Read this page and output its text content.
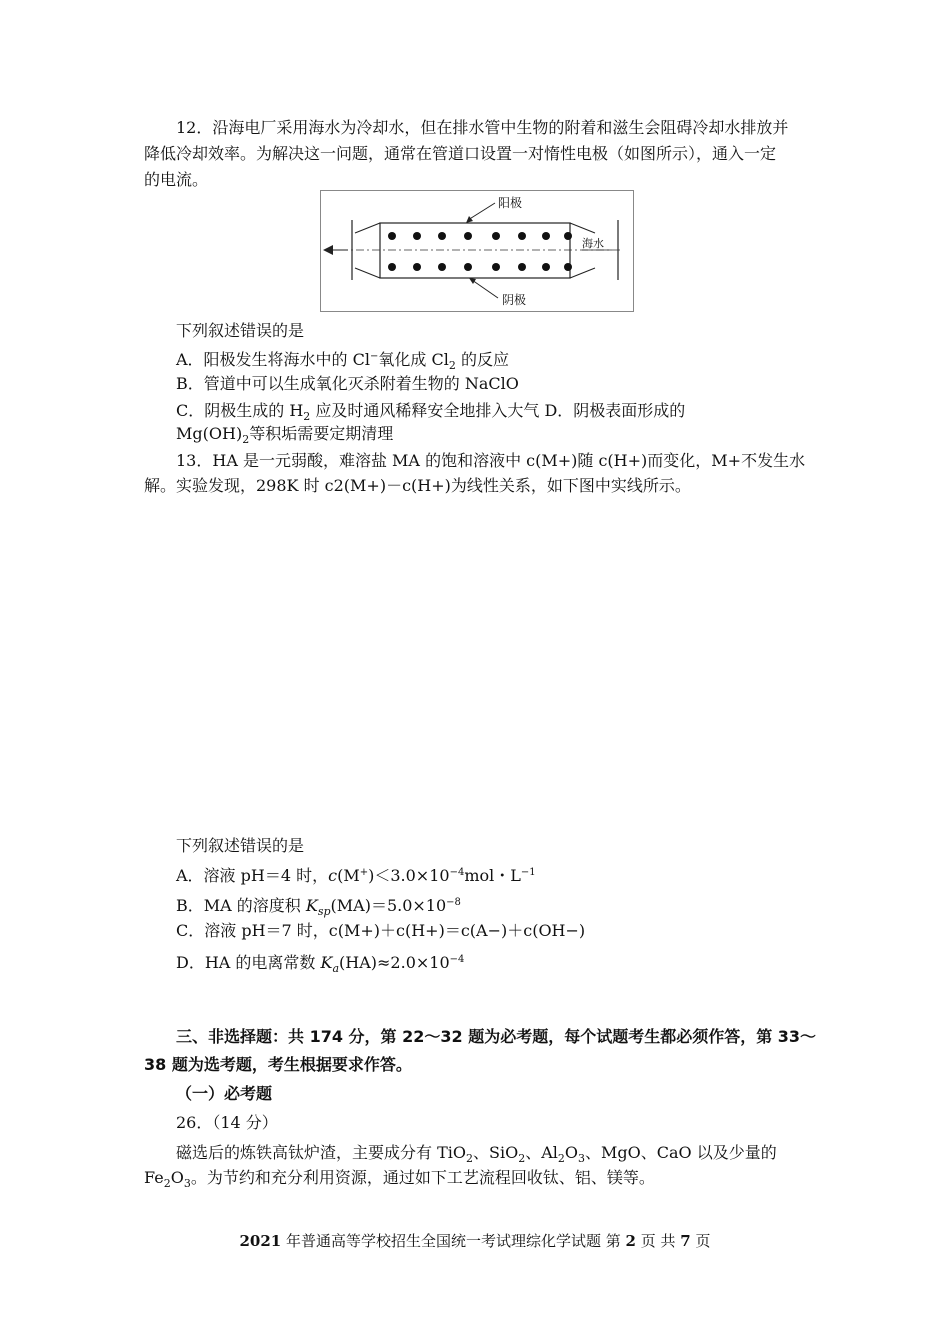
12．沿海电厂采用海水为冷却水，但在排水管中生物的附着和滋生会阻碍冷却水排放并
降低冷却效率。为解决这一问题，通常在管道口设置一对惰性电极（如图所示），通入一定
的电流。
阳极
阴极
海水
下列叙述错误的是
A．阳极发生将海水中的 Cl−氧化成 $Cl_2$ 的反应
B．管道中可以生成氧化灭杀附着生物的 NaClO
C．阴极生成的 $H_2$ 应及时通风稀释安全地排入大气 D．阴极表面形成的
$Mg(OH)_2$等积垢需要定期清理
13．HA 是一元弱酸，难溶盐 MA 的饱和溶液中 c(M+)随 c(H+)而变化，M+不发生水
解。实验发现，298K 时 c2(M+)－c(H+)为线性关系，如下图中实线所示。
下列叙述错误的是
A．溶液 pH＝4 时，$c(M^+)<3.0\times 10^{-4}mol$・$L^{-1}$
B．MA 的溶度积 $K_{sp}(MA)=5.0\times 10^{-8}$
C．溶液 pH＝7 时，c(M+)＋c(H+)＝c(A−)＋c(OH−)
D．HA 的电离常数 $K_a(HA)\approx 2.0\times 10^{-4}$
三、非选择题：共 174 分，第 22～32 题为必考题，每个试题考生都必须作答，第 33～
38 题为选考题，考生根据要求作答。
（一）必考题
26．（14 分）
磁选后的炼铁高钛炉渣，主要成分有 TiO$_2$、SiO$_2$、$Al_2O_3$、MgO、CaO 以及少量的
$Fe_2O_3$。为节约和充分利用资源，通过如下工艺流程回收钛、铝、镁等。
2021 年普通高等学校招生全国统一考试理综化学试题 第 2 页 共 7 页
